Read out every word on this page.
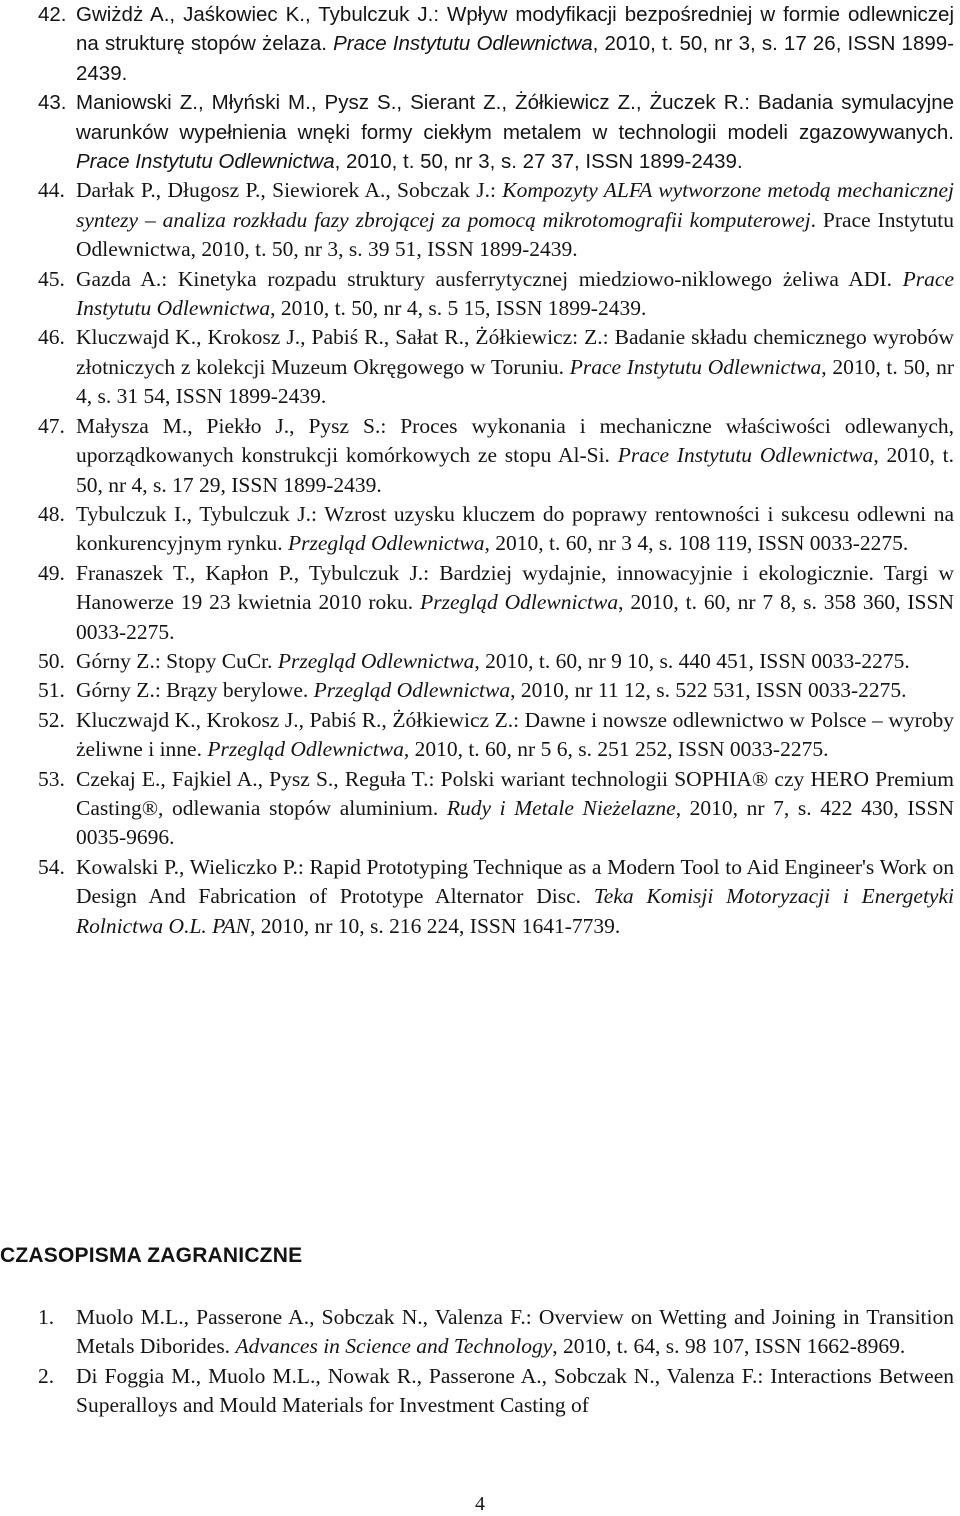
42. Gwiżdż A., Jaśkowiec K., Tybulczuk J.: Wpływ modyfikacji bezpośredniej w formie odlewniczej na strukturę stopów żelaza. Prace Instytutu Odlewnictwa, 2010, t. 50, nr 3, s. 17 26, ISSN 1899-2439.
43. Maniowski Z., Młyński M., Pysz S., Sierant Z., Żółkiewicz Z., Żuczek R.: Badania symulacyjne warunków wypełnienia wnęki formy ciekłym metalem w technologii modeli zgazowywanych. Prace Instytutu Odlewnictwa, 2010, t. 50, nr 3, s. 27 37, ISSN 1899-2439.
44. Darłak P., Długosz P., Siewiorek A., Sobczak J.: Kompozyty ALFA wytworzone metodą mechanicznej syntezy – analiza rozkładu fazy zbrojącej za pomocą mikrotomografii komputerowej. Prace Instytutu Odlewnictwa, 2010, t. 50, nr 3, s. 39 51, ISSN 1899-2439.
45. Gazda A.: Kinetyka rozpadu struktury ausferrytycznej miedziowo-niklowego żeliwa ADI. Prace Instytutu Odlewnictwa, 2010, t. 50, nr 4, s. 5 15, ISSN 1899-2439.
46. Kluczwajd K., Krokosz J., Pabiś R., Sałat R., Żółkiewicz: Z.: Badanie składu chemicznego wyrobów złotniczych z kolekcji Muzeum Okręgowego w Toruniu. Prace Instytutu Odlewnictwa, 2010, t. 50, nr 4, s. 31 54, ISSN 1899-2439.
47. Małysza M., Piekło J., Pysz S.: Proces wykonania i mechaniczne właściwości odlewanych, uporządkowanych konstrukcji komórkowych ze stopu Al-Si. Prace Instytutu Odlewnictwa, 2010, t. 50, nr 4, s. 17 29, ISSN 1899-2439.
48. Tybulczuk I., Tybulczuk J.: Wzrost uzysku kluczem do poprawy rentowności i sukcesu odlewni na konkurencyjnym rynku. Przegląd Odlewnictwa, 2010, t. 60, nr 3 4, s. 108 119, ISSN 0033-2275.
49. Franaszek T., Kapłon P., Tybulczuk J.: Bardziej wydajnie, innowacyjnie i ekologicznie. Targi w Hanowerze 19 23 kwietnia 2010 roku. Przegląd Odlewnictwa, 2010, t. 60, nr 7 8, s. 358 360, ISSN 0033-2275.
50. Górny Z.: Stopy CuCr. Przegląd Odlewnictwa, 2010, t. 60, nr 9 10, s. 440 451, ISSN 0033-2275.
51. Górny Z.: Brązy berylowe. Przegląd Odlewnictwa, 2010, nr 11 12, s. 522 531, ISSN 0033-2275.
52. Kluczwajd K., Krokosz J., Pabiś R., Żółkiewicz Z.: Dawne i nowsze odlewnictwo w Polsce – wyroby żeliwne i inne. Przegląd Odlewnictwa, 2010, t. 60, nr 5 6, s. 251 252, ISSN 0033-2275.
53. Czekaj E., Fajkiel A., Pysz S., Reguła T.: Polski wariant technologii SOPHIA® czy HERO Premium Casting®, odlewania stopów aluminium. Rudy i Metale Nieżelazne, 2010, nr 7, s. 422 430, ISSN 0035-9696.
54. Kowalski P., Wieliczko P.: Rapid Prototyping Technique as a Modern Tool to Aid Engineer's Work on Design And Fabrication of Prototype Alternator Disc. Teka Komisji Motoryzacji i Energetyki Rolnictwa O.L. PAN, 2010, nr 10, s. 216 224, ISSN 1641-7739.
CZASOPISMA ZAGRANICZNE
1. Muolo M.L., Passerone A., Sobczak N., Valenza F.: Overview on Wetting and Joining in Transition Metals Diborides. Advances in Science and Technology, 2010, t. 64, s. 98 107, ISSN 1662-8969.
2. Di Foggia M., Muolo M.L., Nowak R., Passerone A., Sobczak N., Valenza F.: Interactions Between Superalloys and Mould Materials for Investment Casting of
4
